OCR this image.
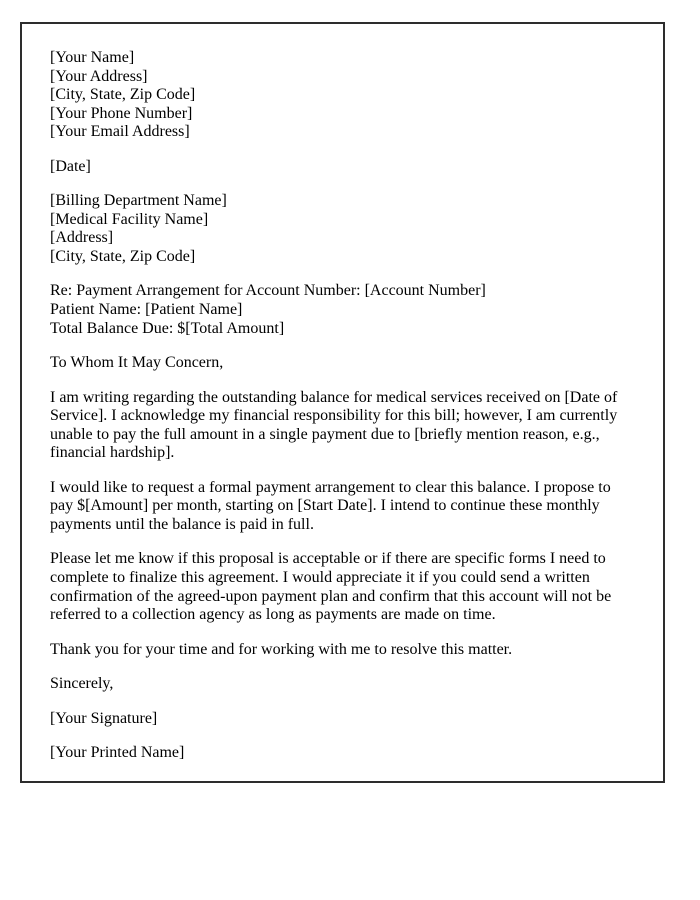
[Your Name]
[Your Address]
[City, State, Zip Code]
[Your Phone Number]
[Your Email Address]
[Date]
[Billing Department Name]
[Medical Facility Name]
[Address]
[City, State, Zip Code]
Re: Payment Arrangement for Account Number: [Account Number]
Patient Name: [Patient Name]
Total Balance Due: $[Total Amount]
To Whom It May Concern,

I am writing regarding the outstanding balance for medical services received on [Date of Service]. I acknowledge my financial responsibility for this bill; however, I am currently unable to pay the full amount in a single payment due to [briefly mention reason, e.g., financial hardship].

I would like to request a formal payment arrangement to clear this balance. I propose to pay $[Amount] per month, starting on [Start Date]. I intend to continue these monthly payments until the balance is paid in full.

Please let me know if this proposal is acceptable or if there are specific forms I need to complete to finalize this agreement. I would appreciate it if you could send a written confirmation of the agreed-upon payment plan and confirm that this account will not be referred to a collection agency as long as payments are made on time.

Thank you for your time and for working with me to resolve this matter.

Sincerely,
[Your Signature]
[Your Printed Name]
